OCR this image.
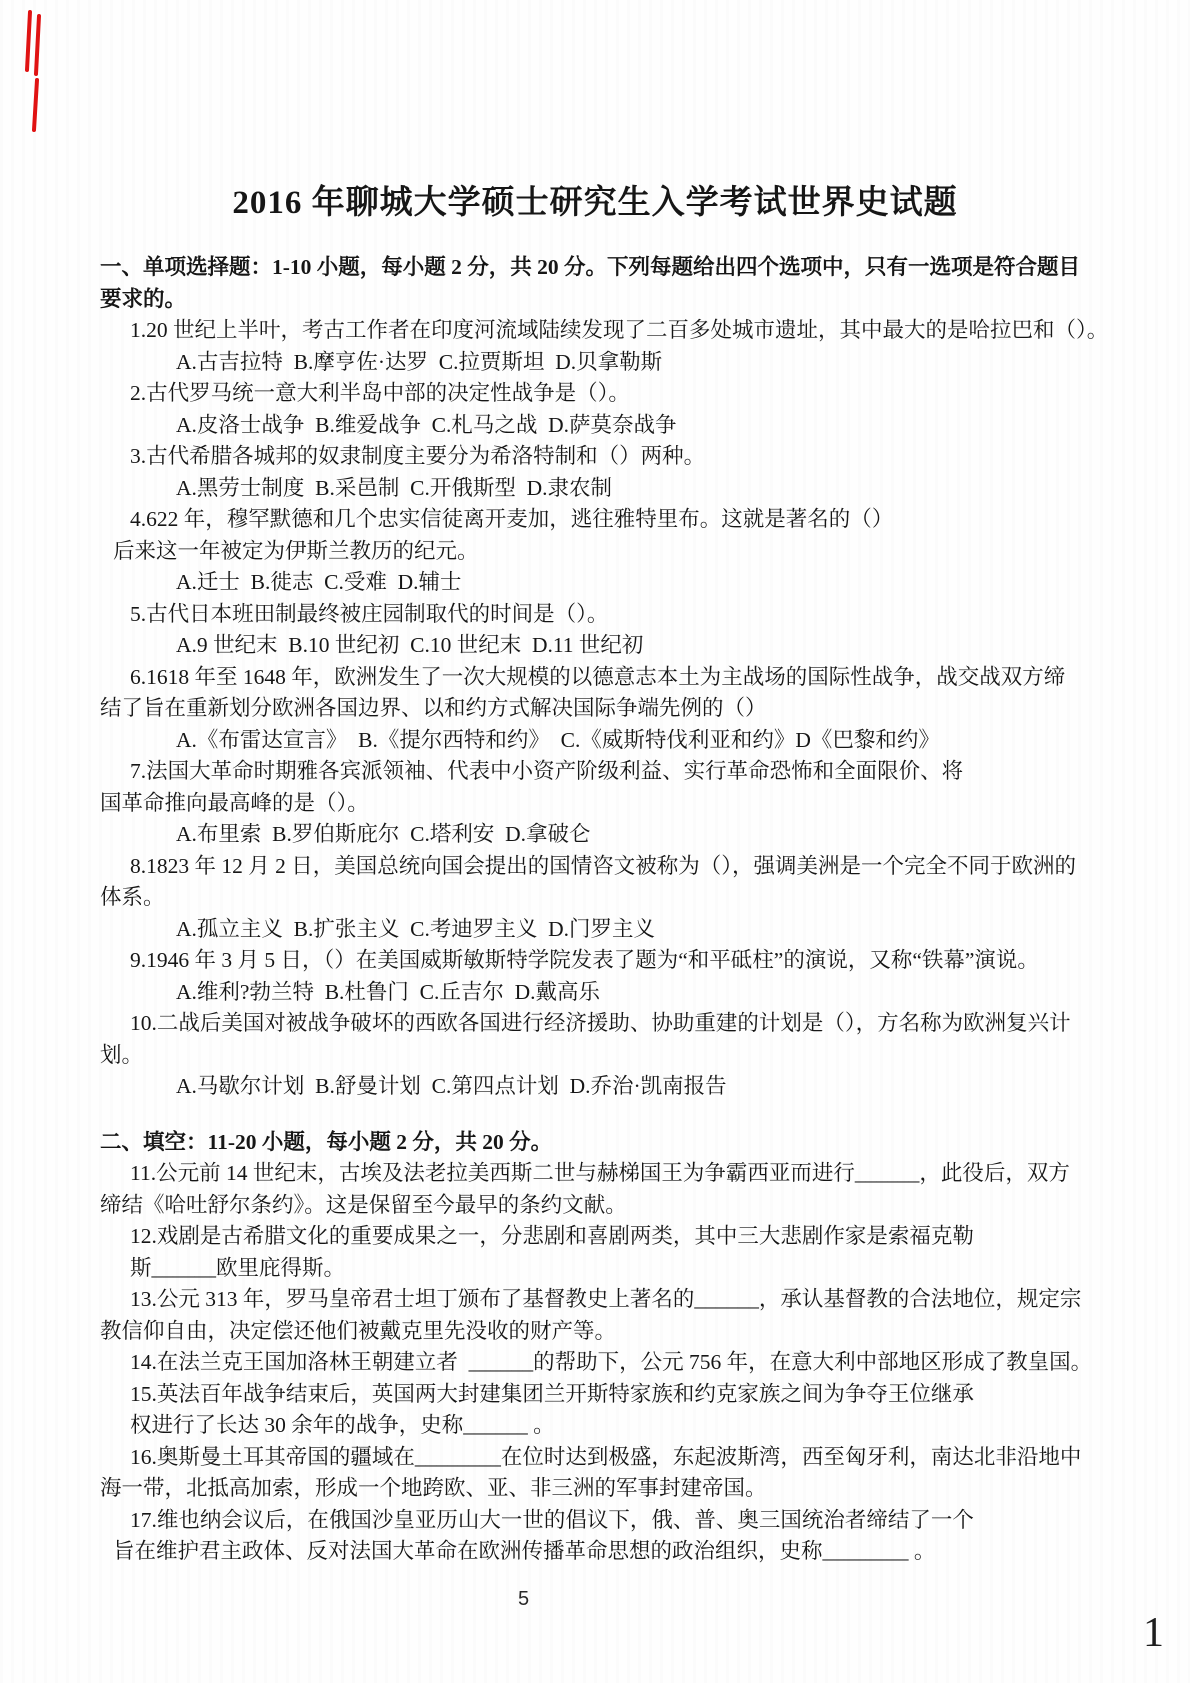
2016 年聊城大学硕士研究生入学考试世界史试题
一、单项选择题：1-10 小题，每小题 2 分，共 20 分。下列每题给出四个选项中，只有一选项是符合题目
要求的。
1.20 世纪上半叶，考古工作者在印度河流域陆续发现了二百多处城市遗址，其中最大的是哈拉巴和（）。
A.古吉拉特  B.摩亨佐·达罗  C.拉贾斯坦  D.贝拿勒斯
2.古代罗马统一意大利半岛中部的决定性战争是（）。
A.皮洛士战争  B.维爱战争  C.札马之战  D.萨莫奈战争
3.古代希腊各城邦的奴隶制度主要分为希洛特制和（）两种。
A.黑劳士制度  B.采邑制  C.开俄斯型  D.隶农制
4.622 年，穆罕默德和几个忠实信徒离开麦加，逃往雅特里布。这就是著名的（）
后来这一年被定为伊斯兰教历的纪元。
A.迁士  B.徙志  C.受难  D.辅士
5.古代日本班田制最终被庄园制取代的时间是（）。
A.9 世纪末  B.10 世纪初  C.10 世纪末  D.11 世纪初
6.1618 年至 1648 年，欧洲发生了一次大规模的以德意志本土为主战场的国际性战争，战交战双方缔
结了旨在重新划分欧洲各国边界、以和约方式解决国际争端先例的（）
A.《布雷达宣言》  B.《提尔西特和约》  C.《威斯特伐利亚和约》D《巴黎和约》
7.法国大革命时期雅各宾派领袖、代表中小资产阶级利益、实行革命恐怖和全面限价、将
国革命推向最高峰的是（）。
A.布里索  B.罗伯斯庇尔  C.塔利安  D.拿破仑
8.1823 年 12 月 2 日，美国总统向国会提出的国情咨文被称为（），强调美洲是一个完全不同于欧洲的
体系。
A.孤立主义  B.扩张主义  C.考迪罗主义  D.门罗主义
9.1946 年 3 月 5 日，（）在美国威斯敏斯特学院发表了题为“和平砥柱”的演说，又称“铁幕”演说。
A.维利?勃兰特  B.杜鲁门  C.丘吉尔  D.戴高乐
10.二战后美国对被战争破坏的西欧各国进行经济援助、协助重建的计划是（），方名称为欧洲复兴计
划。
A.马歇尔计划  B.舒曼计划  C.第四点计划  D.乔治·凯南报告
二、填空：11-20 小题，每小题 2 分，共 20 分。
11.公元前 14 世纪末，古埃及法老拉美西斯二世与赫梯国王为争霸西亚而进行______，此役后，双方
缔结《哈吐舒尔条约》。这是保留至今最早的条约文献。
12.戏剧是古希腊文化的重要成果之一，分悲剧和喜剧两类，其中三大悲剧作家是索福克勒
斯______欧里庇得斯。
13.公元 313 年，罗马皇帝君士坦丁颁布了基督教史上著名的______，承认基督教的合法地位，规定宗
教信仰自由，决定偿还他们被戴克里先没收的财产等。
14.在法兰克王国加洛林王朝建立者  ______的帮助下，公元 756 年，在意大利中部地区形成了教皇国。
15.英法百年战争结束后，英国两大封建集团兰开斯特家族和约克家族之间为争夺王位继承
权进行了长达 30 余年的战争，史称______ 。
16.奥斯曼土耳其帝国的疆域在________在位时达到极盛，东起波斯湾，西至匈牙利，南达北非沿地中
海一带，北抵高加索，形成一个地跨欧、亚、非三洲的军事封建帝国。
17.维也纳会议后，在俄国沙皇亚历山大一世的倡议下，俄、普、奥三国统治者缔结了一个
旨在维护君主政体、反对法国大革命在欧洲传播革命思想的政治组织，史称________ 。
5
1
